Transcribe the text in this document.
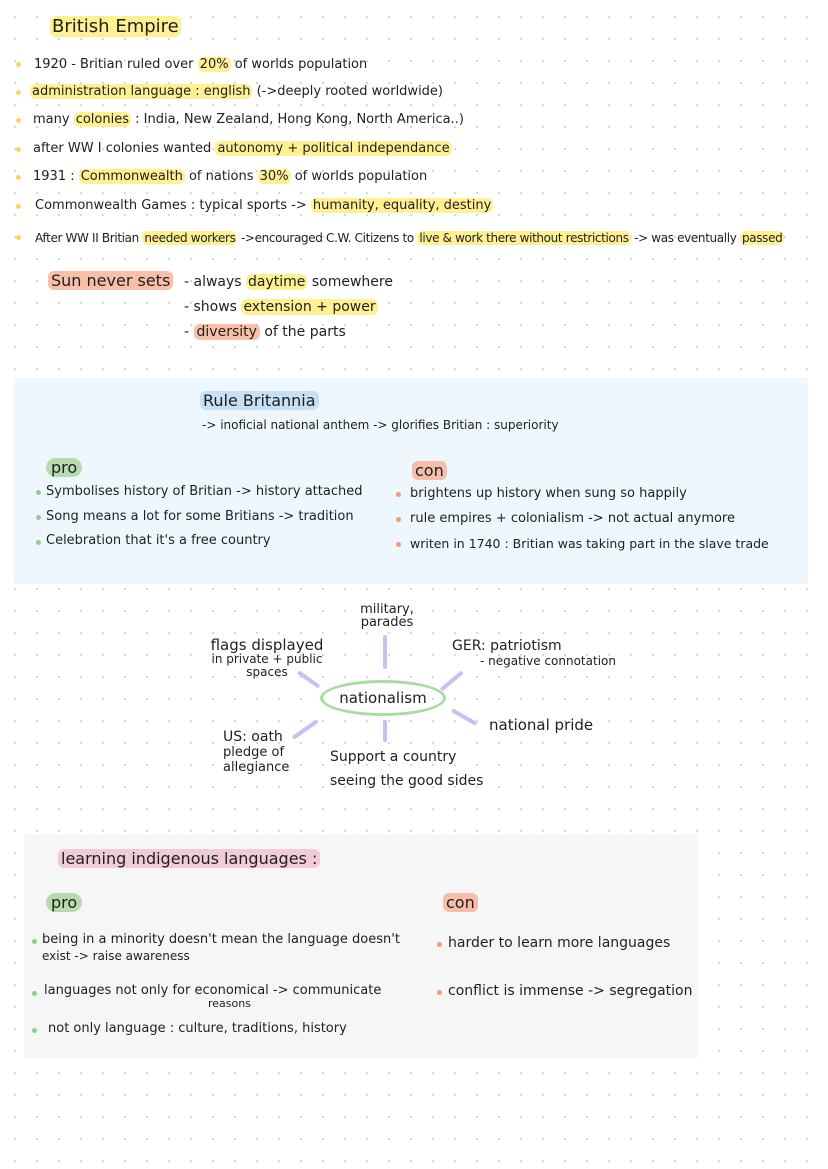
British Empire
1920 - Britian ruled over 20% of worlds population
administration language : english (->deeply rooted worldwide)
many colonies : India, New Zealand, Hong Kong, North America..)
after WW I colonies wanted autonomy + political independance
1931 : Commonwealth of nations 30% of worlds population
Commonwealth Games : typical sports -> humanity, equality, destiny
After WW II Britian needed workers ->encouraged C.W. Citizens to live & work there without restrictions -> was eventually passed
Sun never sets - always daytime somewhere
- shows extension + power
- diversity of the parts
Rule Britannia
-> inoficial national anthem -> glorifies Britian : superiority
pro	con
Symbolises history of Britian -> history attached
Song means a lot for some Britians -> tradition
Celebration that it's a free country
brightens up history when sung so happily
rule empires + colonialism -> not actual anymore
writen in 1740 : Britian was taking part in the slave trade
nationalism
military,
parades
flags displayed
in private + public
spaces
GER: patriotism
- negative connotation
national pride
US: oath
pledge of
allegiance
Support a country
seeing the good sides
learning indigenous languages :
pro	con
being in a minority doesn't mean the language doesn't
exist -> raise awareness
languages not only for economical -> communicate
reasons
not only language : culture, traditions, history
harder to learn more languages
conflict is immense -> segregation
